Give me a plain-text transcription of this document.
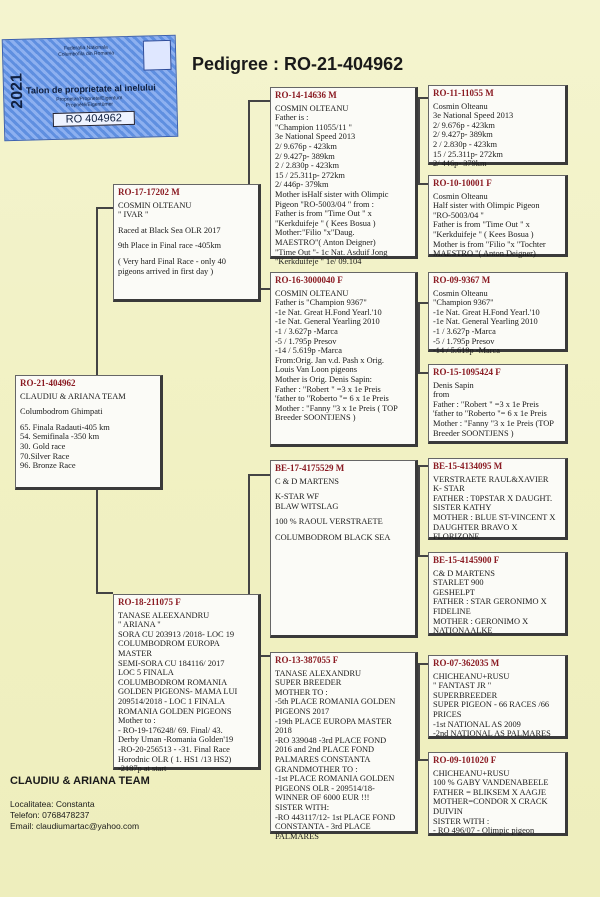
2021
Federatia Nationala
Columbofila din Romania
Talon de proprietate al inelului
Proprietar/Propriete/Eigentum
Propriété/Eigentümer
RO 404962
Pedigree : RO-21-404962
RO-21-404962
CLAUDIU & ARIANA TEAM
Columbodrom Ghimpati
65. Finala Radauti-405 km
54. Semifinala -350 km
30. Gold race
70.Silver Race
96. Bronze Race
RO-17-17202 M
COSMIN OLTEANU
" IVAR "
Raced at Black Sea OLR 2017
9th Place in Final race -405km
( Very hard Final Race - only 40
pigeons arrived in first day )
RO-18-211075 F
TANASE ALEEXANDRU
" ARIANA "
SORA CU 203913 /2018- LOC 19
COLUMBODROM EUROPA
MASTER
SEMI-SORA CU 184116/ 2017
LOC 5 FINALA
COLUMBODROM ROMANIA
GOLDEN PIGEONS- MAMA LUI
209514/2018 - LOC 1 FINALA
ROMANIA GOLDEN PIGEONS
Mother to :
- RO-19-176248/ 69. Final/ 43.
Derby Uman -Romania Golden'19
-RO-20-256513 - -31. Final Race
Horodnic OLR ( 1. HS1 /13 HS2)
-2187p at start
RO-14-14636 M
COSMIN OLTEANU
Father is :
"Champion 11055/11 "
3e National Speed 2013
2/ 9.676p - 423km
2/ 9.427p- 389km
2 / 2.830p - 423km
15 / 25.311p- 272km
2/ 446p- 379km
Mother isHalf sister with Olimpic
Pigeon "RO-5003/04 " from :
Father is from "Time Out " x
"Kerkduifeje " ( Kees Bosua )
Mother:"Filio "x"Daug.
MAESTRO"( Anton Deigner)
"Time Out "- 1c Nat. Asduif Jong
"Kerkduifeje " 1e/ 09.104
RO-16-3000040 F
COSMIN OLTEANU
Father is "Champion 9367"
-1e Nat. Great H.Fond Yearl.'10
-1e Nat. General Yearling 2010
-1 / 3.627p -Marca
-5 / 1.795p Presov
-14 / 5.619p -Marca
From:Orig. Jan v.d. Pash x Orig.
Louis Van Loon pigeons
Mother is Orig. Denis Sapin:
Father : "Robert " =3 x 1e Preis
'father to "Roberto "= 6 x 1e Preis
Mother : "Fanny "3 x 1e Preis ( TOP
Breeder SOONTJENS )
BE-17-4175529 M
C & D MARTENS
K-STAR WF
BLAW WITSLAG
100 % RAOUL VERSTRAETE
COLUMBODROM BLACK SEA
RO-13-387055 F
TANASE ALEXANDRU
SUPER BREEDER
MOTHER TO :
-5th PLACE ROMANIA GOLDEN
PIGEONS 2017
-19th PLACE EUROPA MASTER
2018
-RO 339048 -3rd PLACE FOND
2016 and 2nd PLACE FOND
PALMARES CONSTANTA
GRANDMOTHER TO :
-1st PLACE ROMANIA GOLDEN
PIGEONS OLR - 209514/18-
WINNER OF 6000 EUR !!!
SISTER WITH:
-RO 443117/12- 1st PLACE FOND
CONSTANTA - 3rd PLACE
PALMARES
RO-11-11055 M
Cosmin Olteanu
3e National Speed 2013
2/ 9.676p - 423km
2/ 9.427p- 389km
2 / 2.830p - 423km
15 / 25.311p- 272km
2/ 446p- 379km
RO-10-10001 F
Cosmin Olteanu
Half sister with Olimpic Pigeon
"RO-5003/04 "
Father is from "Time Out " x
"Kerkduifeje " ( Kees Bosua )
Mother is from "Filio "x "Tochter
MAESTRO "( Anton Deigner)
RO-09-9367 M
Cosmin Olteanu
"Champion 9367"
-1e Nat. Great H.Fond Yearl.'10
-1e Nat. General Yearling 2010
-1 / 3.627p -Marca
-5 / 1.795p Presov
-14 / 5.619p -Marca
RO-15-1095424 F
Denis Sapin
from
Father : "Robert " =3 x 1e Preis
'father to "Roberto "= 6 x 1e Preis
Mother : "Fanny "3 x 1e Preis (TOP
Breeder SOONTJENS )
BE-15-4134095 M
VERSTRAETE RAUL&XAVIER
K- STAR
FATHER : T0PSTAR X DAUGHT.
SISTER KATHY
MOTHER : BLUE ST-VINCENT X
DAUGHTER BRAVO X
FLORIZONE
BE-15-4145900 F
C& D MARTENS
STARLET 900
GESHELPT
FATHER : STAR GERONIMO X
FIDELINE
MOTHER : GERONIMO X
NATIONAALKE
RO-07-362035 M
CHICHEANU+RUSU
" FANTAST JR "
SUPERBREEDER
SUPER PIGEON - 66 RACES /66
PRICES
-1st NATIONAL AS 2009
-2nd NATIONAL AS PALMARES
RO-09-101020 F
CHICHEANU+RUSU
100 % GABY VANDENABEELE
FATHER = BLIKSEM X AAGJE
MOTHER=CONDOR X CRACK
DUIVIN
SISTER WITH :
- RO 496/07 - Olimpic pigeon
CLAUDIU & ARIANA TEAM
Localitatea: Constanta
Telefon: 0768478237
Email: claudiumartac@yahoo.com
